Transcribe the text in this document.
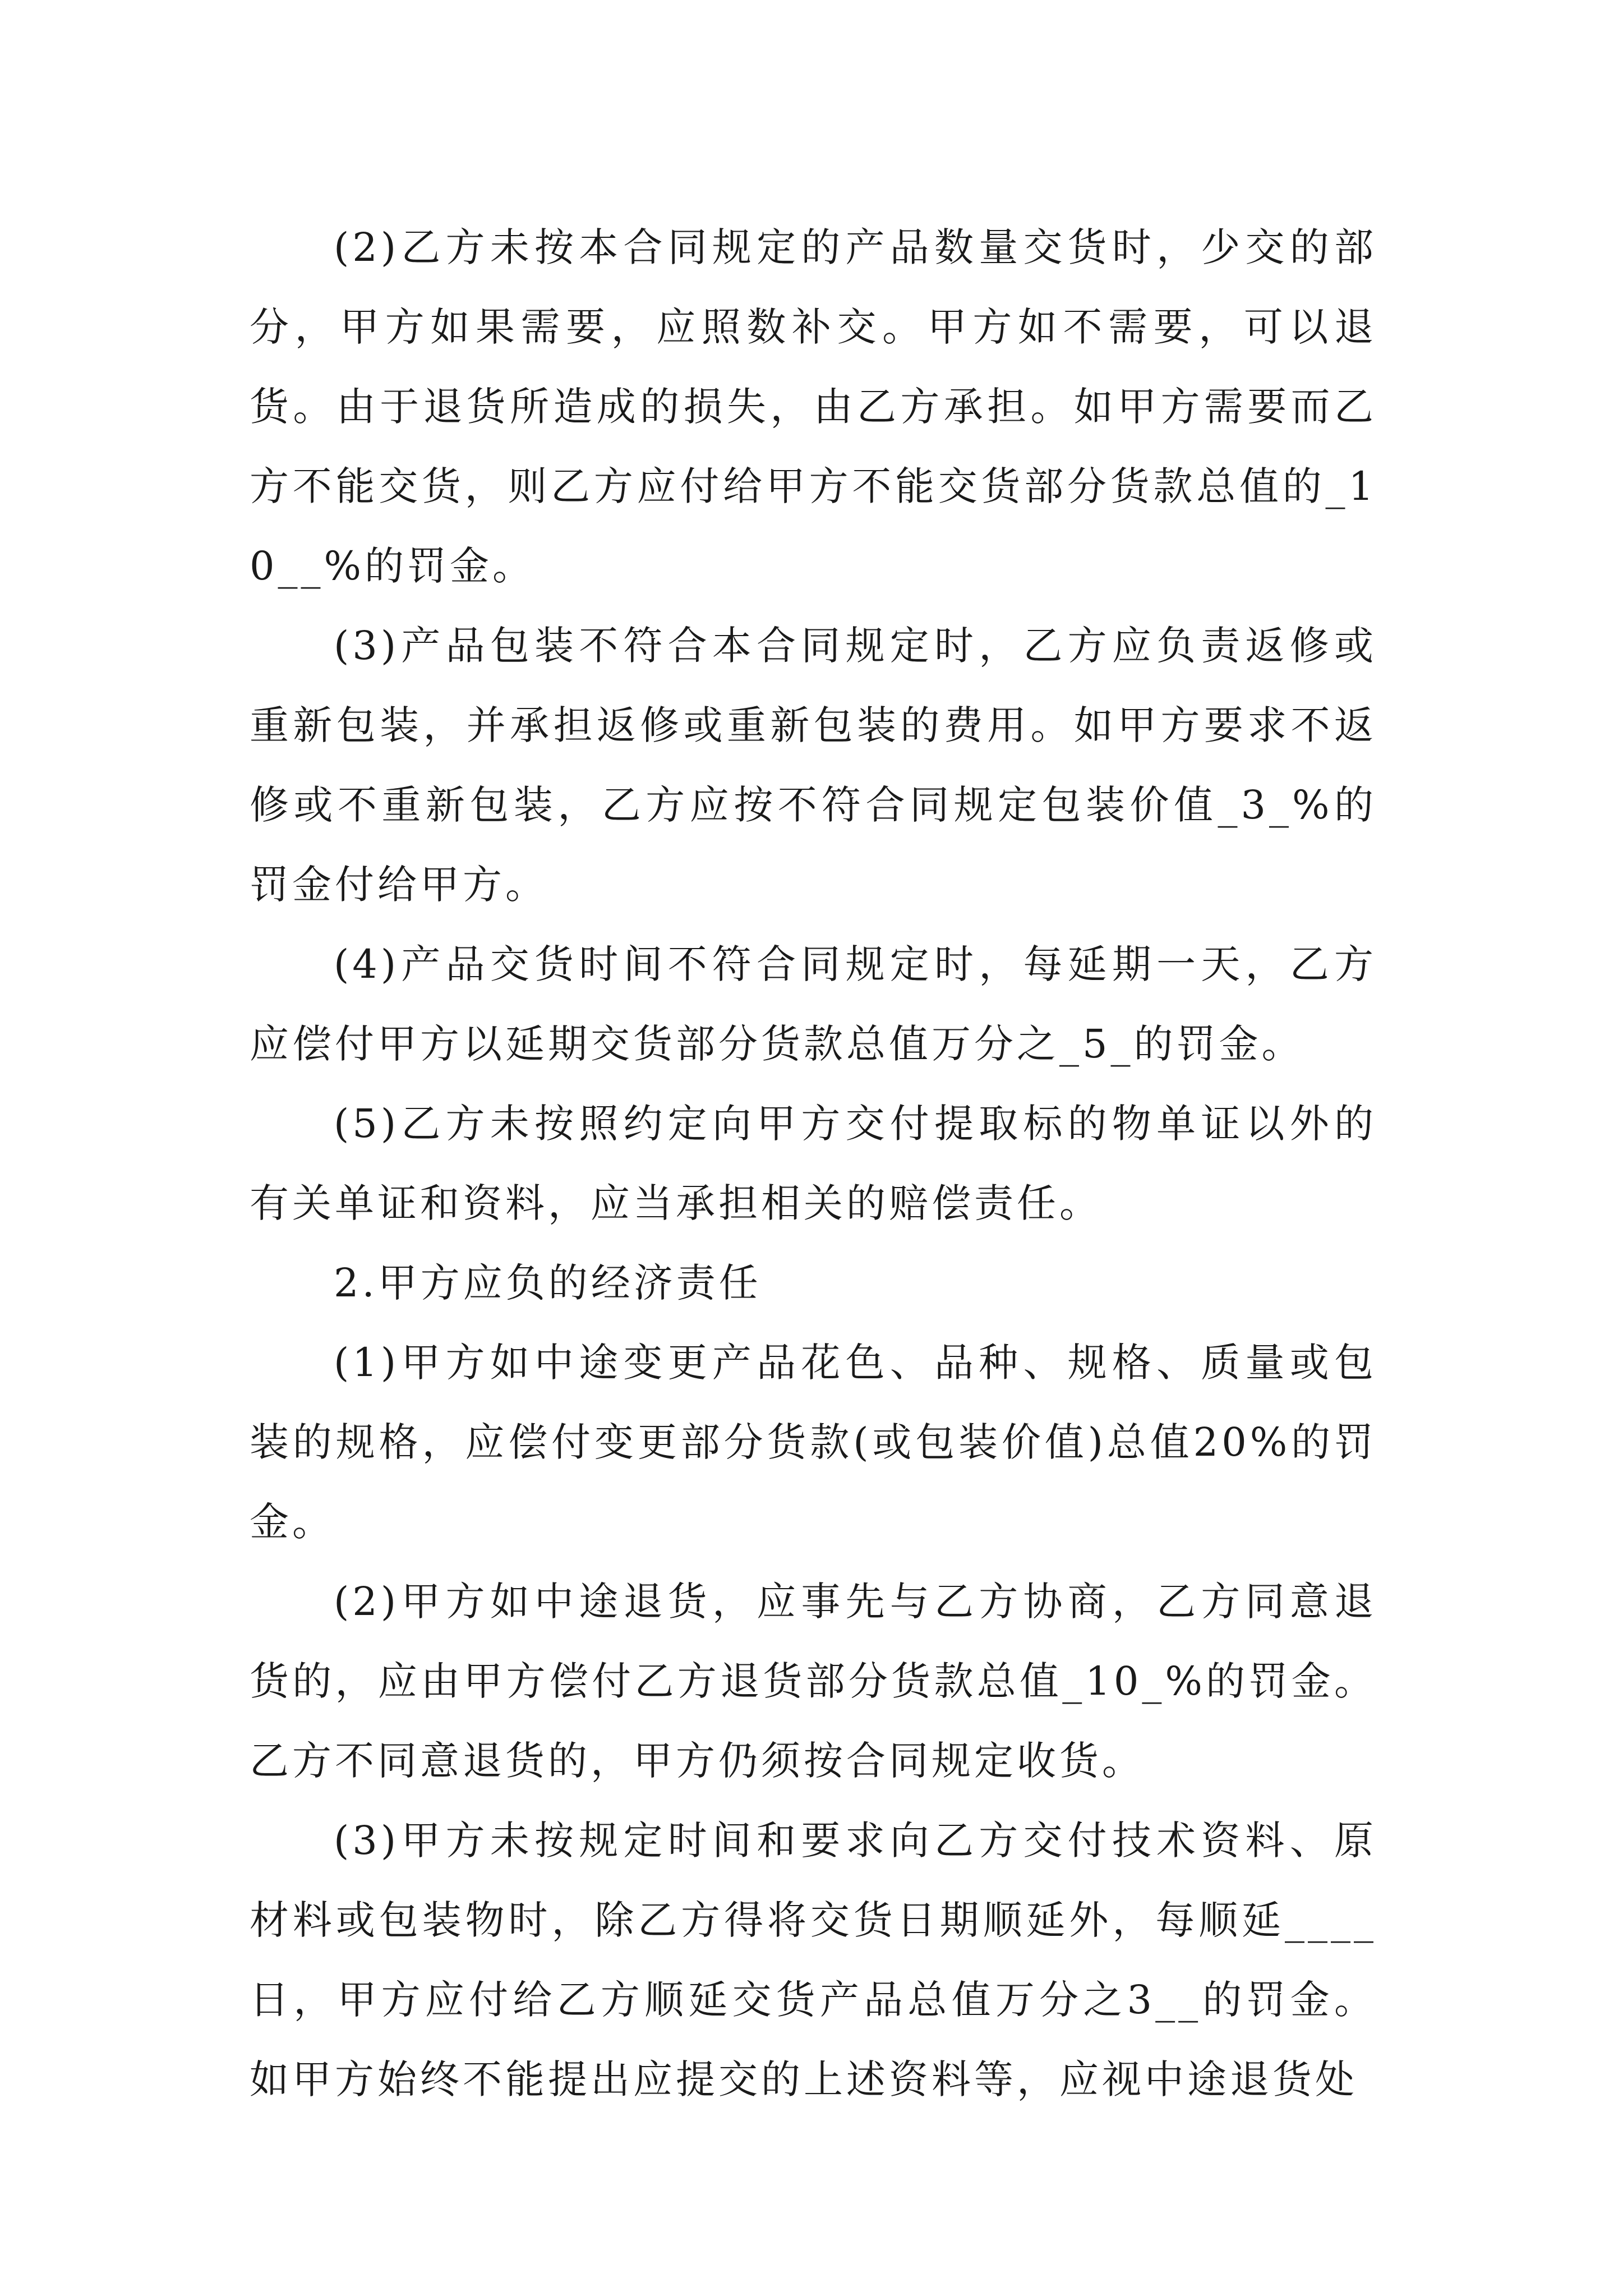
(2)乙方未按本合同规定的产品数量交货时，少交的部分，甲方如果需要，应照数补交。甲方如不需要，可以退货。由于退货所造成的损失，由乙方承担。如甲方需要而乙方不能交货，则乙方应付给甲方不能交货部分货款总值的_10__%的罚金。

(3)产品包装不符合本合同规定时，乙方应负责返修或重新包装，并承担返修或重新包装的费用。如甲方要求不返修或不重新包装，乙方应按不符合同规定包装价值_3_%的罚金付给甲方。

(4)产品交货时间不符合同规定时，每延期一天，乙方应偿付甲方以延期交货部分货款总值万分之_5_的罚金。

(5)乙方未按照约定向甲方交付提取标的物单证以外的有关单证和资料，应当承担相关的赔偿责任。

2.甲方应负的经济责任

(1)甲方如中途变更产品花色、品种、规格、质量或包装的规格，应偿付变更部分货款(或包装价值)总值20%的罚金。

(2)甲方如中途退货，应事先与乙方协商，乙方同意退货的，应由甲方偿付乙方退货部分货款总值_10_%的罚金。乙方不同意退货的，甲方仍须按合同规定收货。

(3)甲方未按规定时间和要求向乙方交付技术资料、原材料或包装物时，除乙方得将交货日期顺延外，每顺延____日，甲方应付给乙方顺延交货产品总值万分之3__的罚金。如甲方始终不能提出应提交的上述资料等，应视中途退货处
